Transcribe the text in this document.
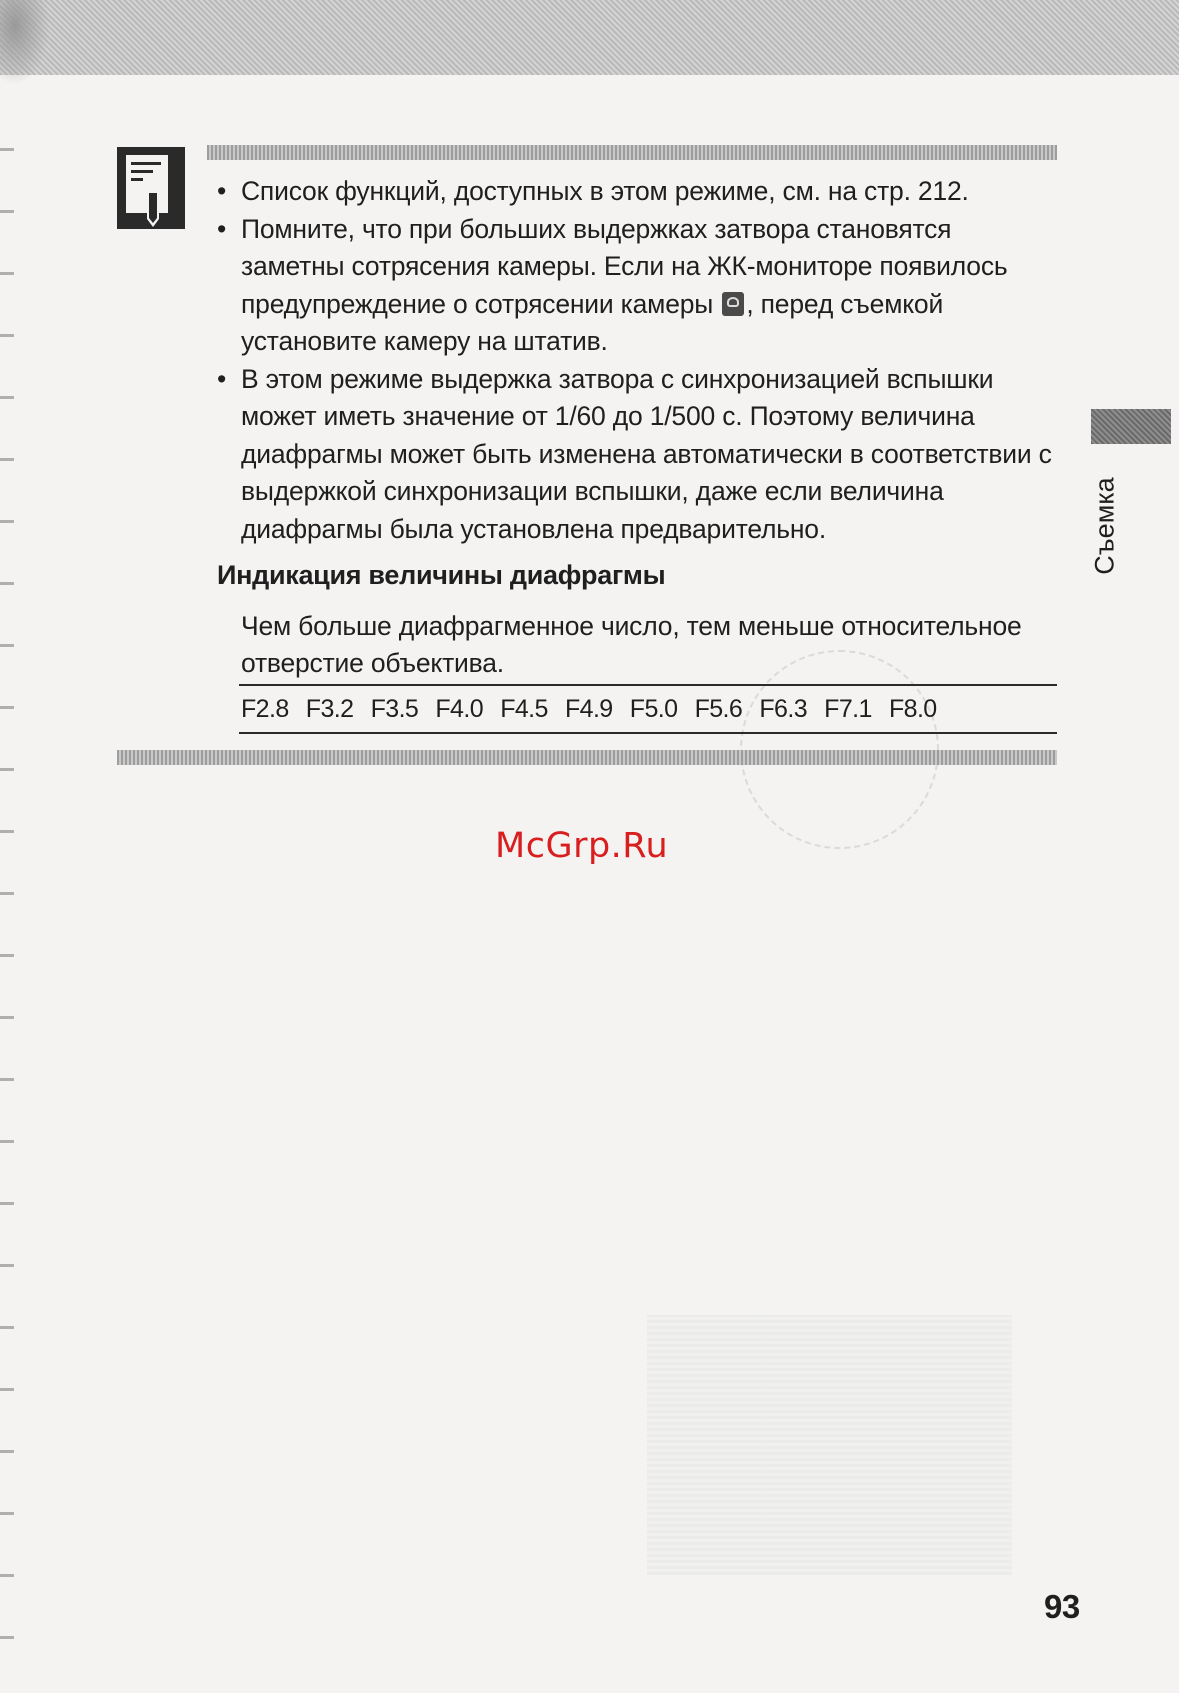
• Список функций, доступных в этом режиме, см. на стр. 212.
• Помните, что при больших выдержках затвора становятся заметны сотрясения камеры. Если на ЖК-мониторе появилось предупреждение о сотрясении камеры , перед съемкой установите камеру на штатив.
• В этом режиме выдержка затвора с синхронизацией вспышки может иметь значение от 1/60 до 1/500 с. Поэтому величина диафрагмы может быть изменена автоматически в соответствии с выдержкой синхронизации вспышки, даже если величина диафрагмы была установлена предварительно.
Индикация величины диафрагмы
Чем больше диафрагменное число, тем меньше относительное отверстие объектива.
F2.8 F3.2 F3.5 F4.0 F4.5 F4.9 F5.0 F5.6 F6.3 F7.1 F8.0
Съемка
McGrp.Ru
93
